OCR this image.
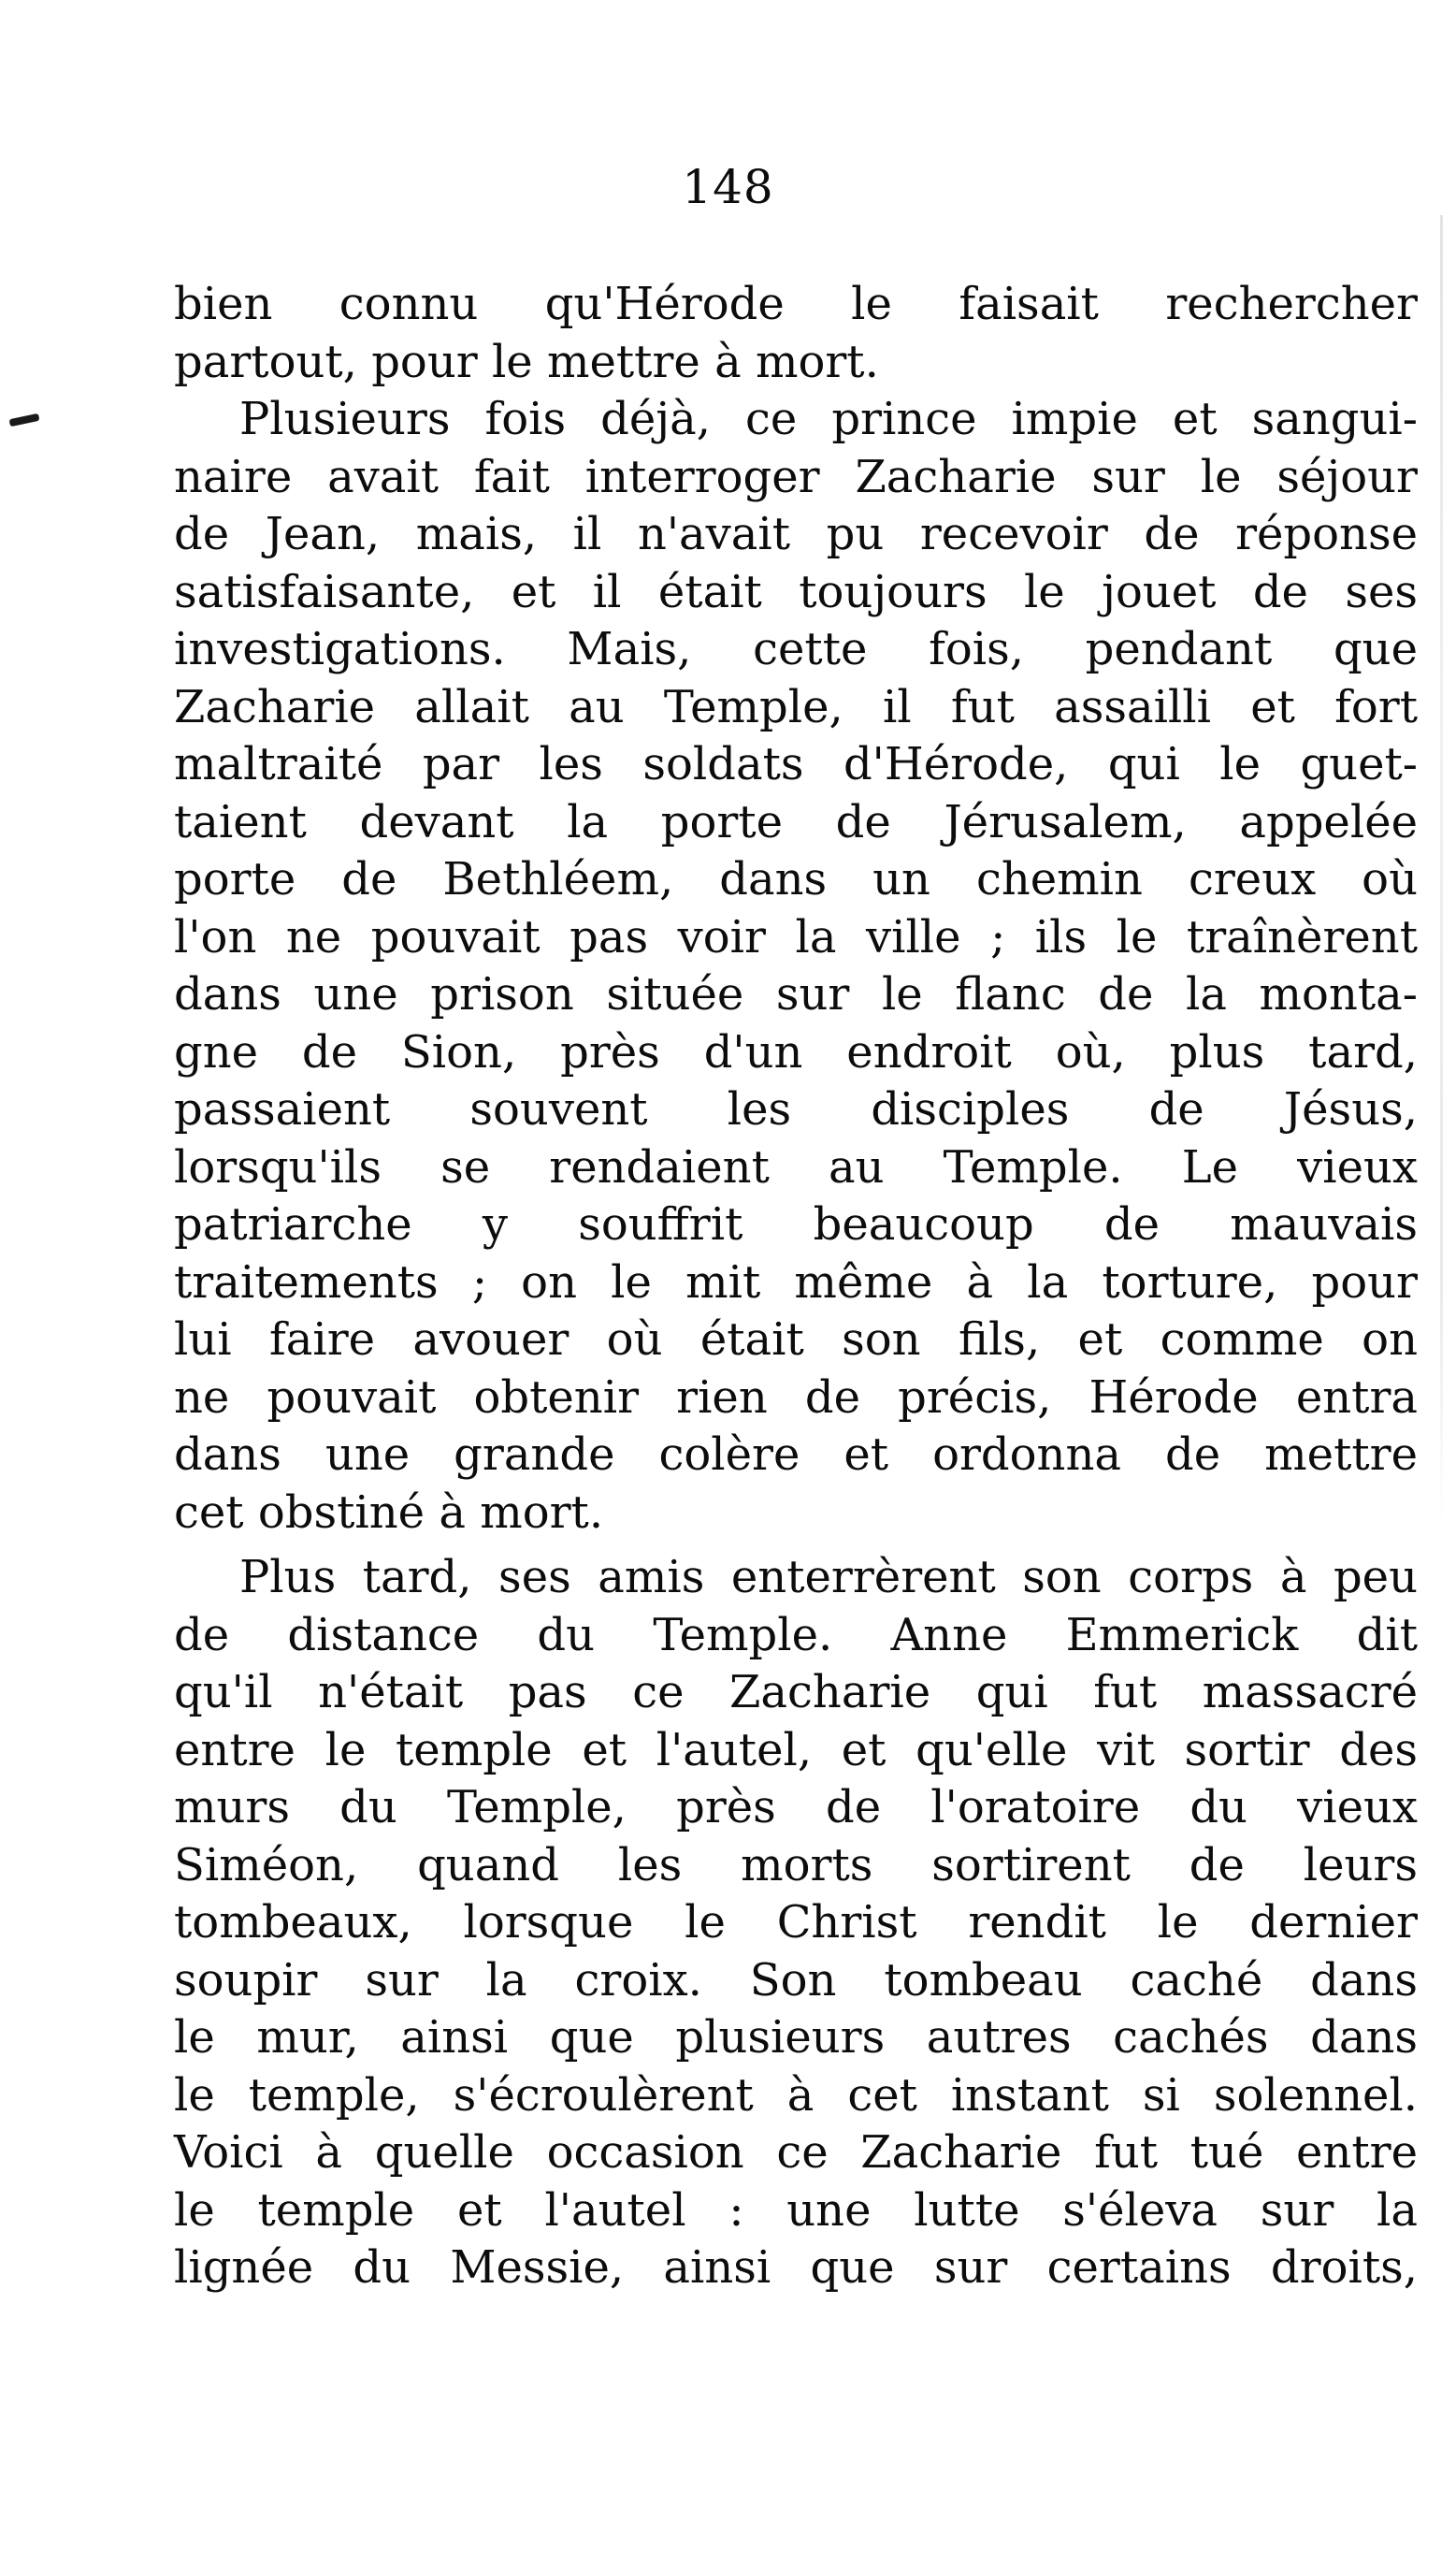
148
bien connu qu'Hérode le faisait rechercher
partout, pour le mettre à mort.
Plusieurs fois déjà, ce prince impie et sangui-
naire avait fait interroger Zacharie sur le séjour
de Jean, mais, il n'avait pu recevoir de réponse
satisfaisante, et il était toujours le jouet de ses
investigations. Mais, cette fois, pendant que
Zacharie allait au Temple, il fut assailli et fort
maltraité par les soldats d'Hérode, qui le guet-
taient devant la porte de Jérusalem, appelée
porte de Bethléem, dans un chemin creux où
l'on ne pouvait pas voir la ville ; ils le traînèrent
dans une prison située sur le flanc de la monta-
gne de Sion, près d'un endroit où, plus tard,
passaient souvent les disciples de Jésus,
lorsqu'ils se rendaient au Temple. Le vieux
patriarche y souffrit beaucoup de mauvais
traitements ; on le mit même à la torture, pour
lui faire avouer où était son fils, et comme on
ne pouvait obtenir rien de précis, Hérode entra
dans une grande colère et ordonna de mettre
cet obstiné à mort.
Plus tard, ses amis enterrèrent son corps à peu
de distance du Temple. Anne Emmerick dit
qu'il n'était pas ce Zacharie qui fut massacré
entre le temple et l'autel, et qu'elle vit sortir des
murs du Temple, près de l'oratoire du vieux
Siméon, quand les morts sortirent de leurs
tombeaux, lorsque le Christ rendit le dernier
soupir sur la croix. Son tombeau caché dans
le mur, ainsi que plusieurs autres cachés dans
le temple, s'écroulèrent à cet instant si solennel.
Voici à quelle occasion ce Zacharie fut tué entre
le temple et l'autel : une lutte s'éleva sur la
lignée du Messie, ainsi que sur certains droits,
